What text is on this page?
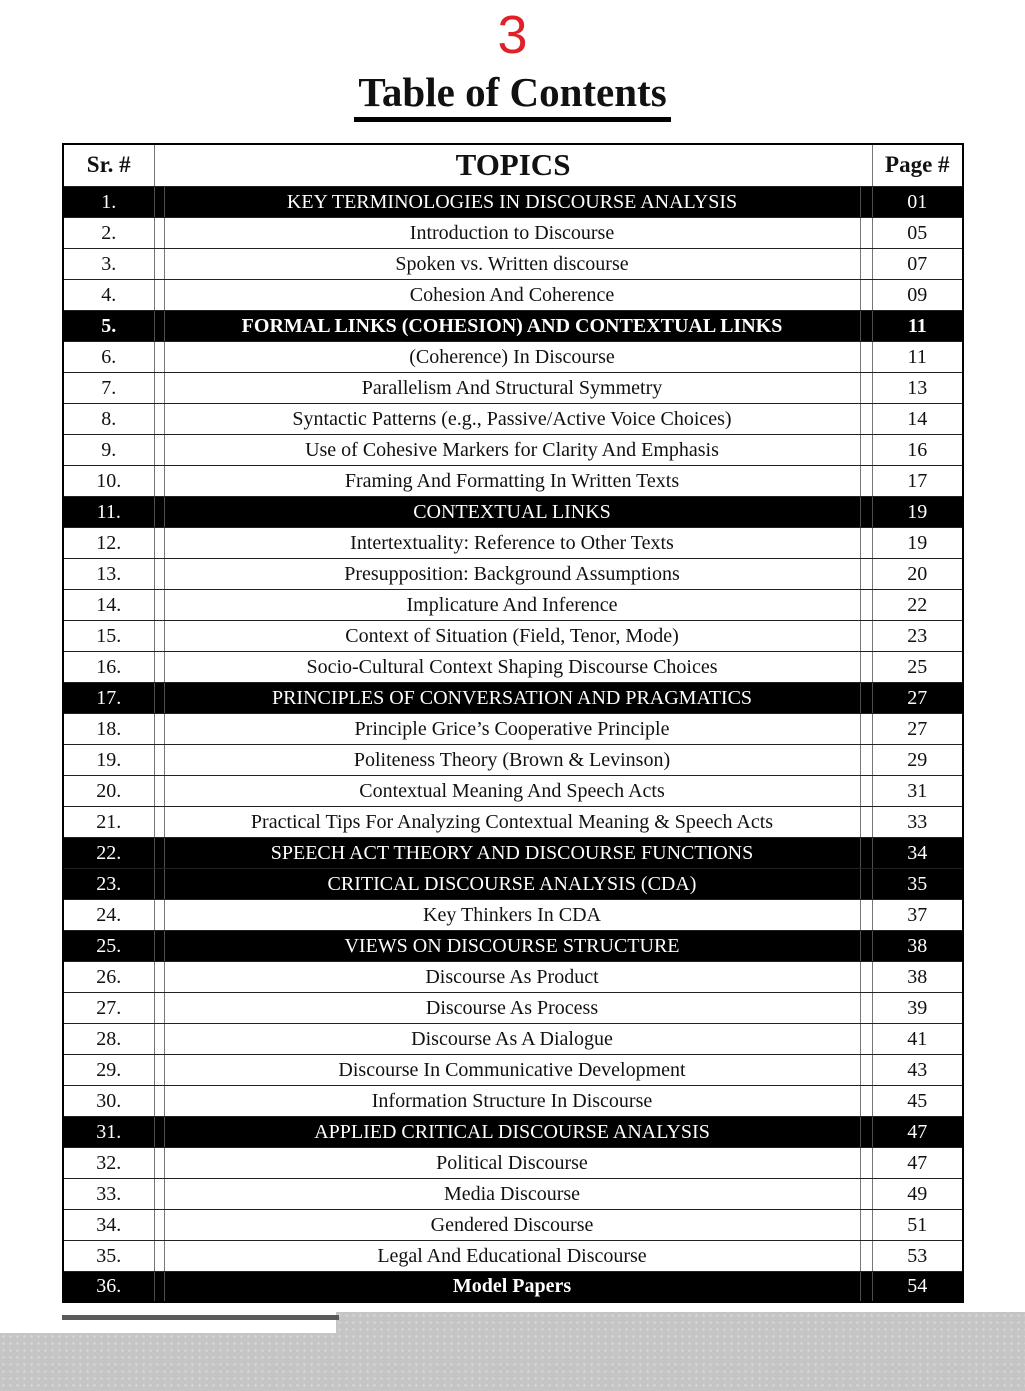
3
Table of Contents
Sr. #	TOPICS			Page #
1.		KEY TERMINOLOGIES IN DISCOURSE ANALYSIS		01
2.		Introduction to Discourse		05
3.		Spoken vs. Written discourse		07
4.		Cohesion And Coherence		09
5.		FORMAL LINKS (COHESION) AND CONTEXTUAL LINKS		11
6.		(Coherence) In Discourse		11
7.		Parallelism And Structural Symmetry		13
8.		Syntactic Patterns (e.g., Passive/Active Voice Choices)		14
9.		Use of Cohesive Markers for Clarity And Emphasis		16
10.		Framing And Formatting In Written Texts		17
11.		CONTEXTUAL LINKS		19
12.		Intertextuality: Reference to Other Texts		19
13.		Presupposition: Background Assumptions		20
14.		Implicature And Inference		22
15.		Context of Situation (Field, Tenor, Mode)		23
16.		Socio-Cultural Context Shaping Discourse Choices		25
17.		PRINCIPLES OF CONVERSATION AND PRAGMATICS		27
18.		Principle Grice’s Cooperative Principle		27
19.		Politeness Theory (Brown & Levinson)		29
20.		Contextual Meaning And Speech Acts		31
21.		Practical Tips For Analyzing Contextual Meaning & Speech Acts		33
22.		SPEECH ACT THEORY AND DISCOURSE FUNCTIONS		34
23.		CRITICAL DISCOURSE ANALYSIS (CDA)		35
24.		Key Thinkers In CDA		37
25.		VIEWS ON DISCOURSE STRUCTURE		38
26.		Discourse As Product		38
27.		Discourse As Process		39
28.		Discourse As A Dialogue		41
29.		Discourse In Communicative Development		43
30.		Information Structure In Discourse		45
31.		APPLIED CRITICAL DISCOURSE ANALYSIS		47
32.		Political Discourse		47
33.		Media Discourse		49
34.		Gendered Discourse		51
35.		Legal And Educational Discourse		53
36.		Model Papers		54
